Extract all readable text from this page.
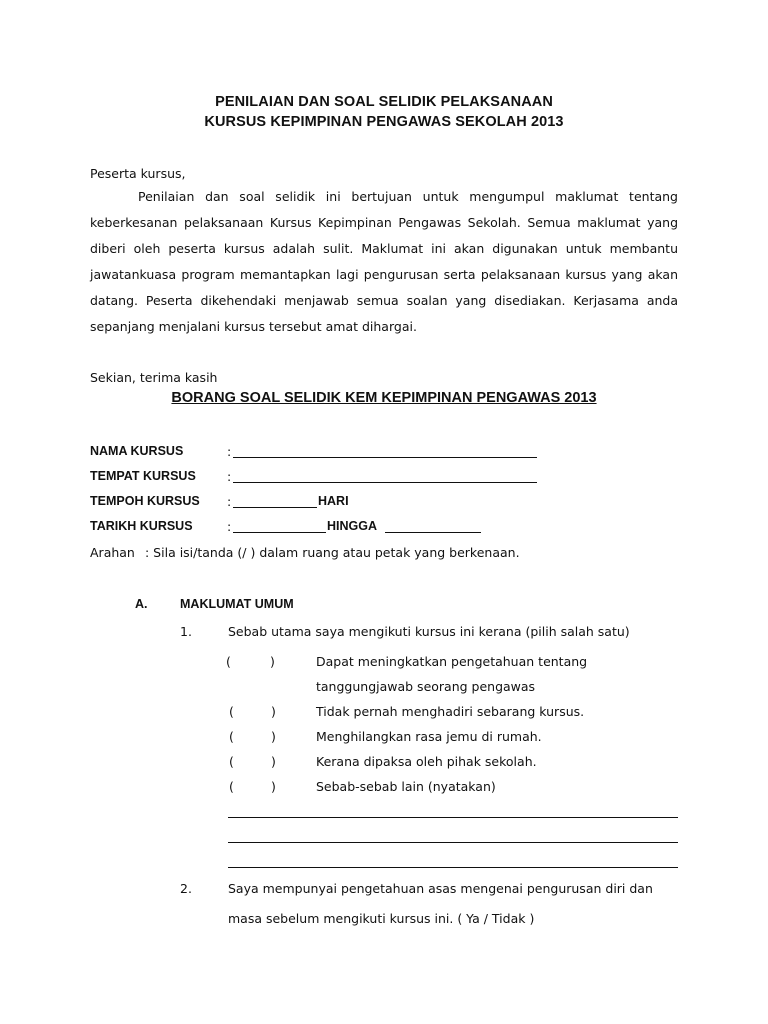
PENILAIAN DAN SOAL SELIDIK PELAKSANAAN
KURSUS KEPIMPINAN PENGAWAS SEKOLAH 2013
Peserta kursus,
Penilaian dan soal selidik ini bertujuan untuk mengumpul maklumat tentang keberkesanan pelaksanaan Kursus Kepimpinan Pengawas Sekolah. Semua maklumat yang diberi oleh peserta kursus adalah sulit. Maklumat ini akan digunakan untuk membantu jawatankuasa program memantapkan lagi pengurusan serta pelaksanaan kursus yang akan datang. Peserta dikehendaki menjawab semua soalan yang disediakan. Kerjasama anda sepanjang menjalani kursus tersebut amat dihargai.
Sekian, terima kasih
BORANG SOAL SELIDIK KEM KEPIMPINAN PENGAWAS 2013
NAMA KURSUS	:
TEMPAT KURSUS :
TEMPOH KURSUS :	HARI
TARIKH KURSUS	:	HINGGA
Arahan : Sila isi/tanda (/ ) dalam ruang atau petak yang berkenaan.
A.	MAKLUMAT UMUM
1.	Sebab utama saya mengikuti kursus ini kerana (pilih salah satu)
(	)	Dapat meningkatkan pengetahuan tentang
tanggungjawab seorang pengawas
(	)	Tidak pernah menghadiri sebarang kursus.
(	)	Menghilangkan rasa jemu di rumah.
(	)	Kerana dipaksa oleh pihak sekolah.
(	)	Sebab-sebab lain (nyatakan)
2.	Saya mempunyai pengetahuan asas mengenai pengurusan diri dan
masa sebelum mengikuti kursus ini. ( Ya / Tidak )
